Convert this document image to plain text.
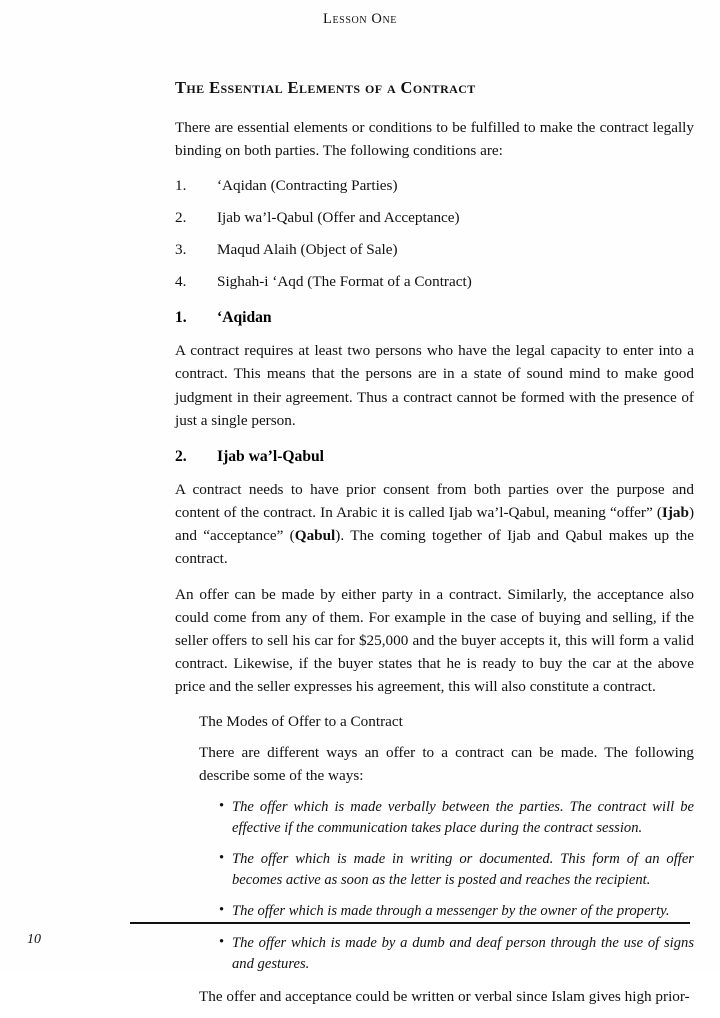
Lesson One
The Essential Elements of a Contract

There are essential elements or conditions to be fulfilled to make the contract legally binding on both parties. The following conditions are:

1.	‘Aqidan (Contracting Parties)
2.	Ijab wa’l-Qabul (Offer and Acceptance)
3.	Maqud Alaih (Object of Sale)
4.	Sighah-i ‘Aqd (The Format of a Contract)
1. ‘Aqidan

A contract requires at least two persons who have the legal capacity to enter into a contract. This means that the persons are in a state of sound mind to make good judgment in their agreement. Thus a contract cannot be formed with the presence of just a single person.

2. Ijab wa’l-Qabul

A contract needs to have prior consent from both parties over the purpose and content of the contract. In Arabic it is called Ijab wa’l-Qabul, meaning “offer” (Ijab) and “acceptance” (Qabul). The coming together of Ijab and Qabul makes up the contract.

An offer can be made by either party in a contract. Similarly, the acceptance also could come from any of them. For example in the case of buying and selling, if the seller offers to sell his car for $25,000 and the buyer accepts it, this will form a valid contract. Likewise, if the buyer states that he is ready to buy the car at the above price and the seller expresses his agreement, this will also constitute a contract.

The Modes of Offer to a Contract

There are different ways an offer to a contract can be made. The following describe some of the ways:

• The offer which is made verbally between the parties. The contract will be effective if the communication takes place during the contract session.
• The offer which is made in writing or documented. This form of an offer becomes active as soon as the letter is posted and reaches the recipient.
• The offer which is made through a messenger by the owner of the property.
• The offer which is made by a dumb and deaf person through the use of signs and gestures.

The offer and acceptance could be written or verbal since Islam gives high prior-

10
